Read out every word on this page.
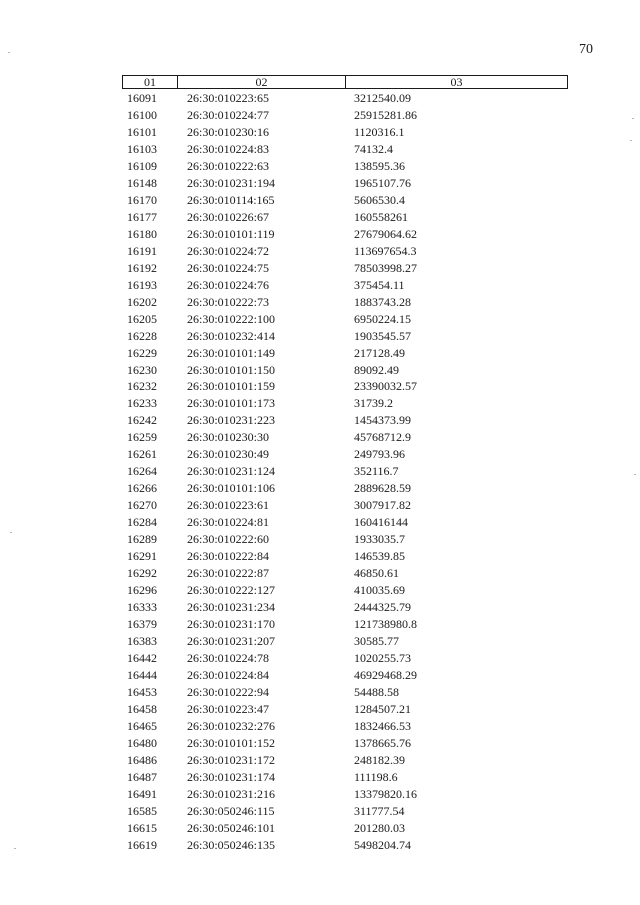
70
01	02	03
16091	26:30:010223:65	3212540.09
16100	26:30:010224:77	25915281.86
16101	26:30:010230:16	1120316.1
16103	26:30:010224:83	74132.4
16109	26:30:010222:63	138595.36
16148	26:30:010231:194	1965107.76
16170	26:30:010114:165	5606530.4
16177	26:30:010226:67	160558261
16180	26:30:010101:119	27679064.62
16191	26:30:010224:72	113697654.3
16192	26:30:010224:75	78503998.27
16193	26:30:010224:76	375454.11
16202	26:30:010222:73	1883743.28
16205	26:30:010222:100	6950224.15
16228	26:30:010232:414	1903545.57
16229	26:30:010101:149	217128.49
16230	26:30:010101:150	89092.49
16232	26:30:010101:159	23390032.57
16233	26:30:010101:173	31739.2
16242	26:30:010231:223	1454373.99
16259	26:30:010230:30	45768712.9
16261	26:30:010230:49	249793.96
16264	26:30:010231:124	352116.7
16266	26:30:010101:106	2889628.59
16270	26:30:010223:61	3007917.82
16284	26:30:010224:81	160416144
16289	26:30:010222:60	1933035.7
16291	26:30:010222:84	146539.85
16292	26:30:010222:87	46850.61
16296	26:30:010222:127	410035.69
16333	26:30:010231:234	2444325.79
16379	26:30:010231:170	121738980.8
16383	26:30:010231:207	30585.77
16442	26:30:010224:78	1020255.73
16444	26:30:010224:84	46929468.29
16453	26:30:010222:94	54488.58
16458	26:30:010223:47	1284507.21
16465	26:30:010232:276	1832466.53
16480	26:30:010101:152	1378665.76
16486	26:30:010231:172	248182.39
16487	26:30:010231:174	111198.6
16491	26:30:010231:216	13379820.16
16585	26:30:050246:115	311777.54
16615	26:30:050246:101	201280.03
16619	26:30:050246:135	5498204.74
